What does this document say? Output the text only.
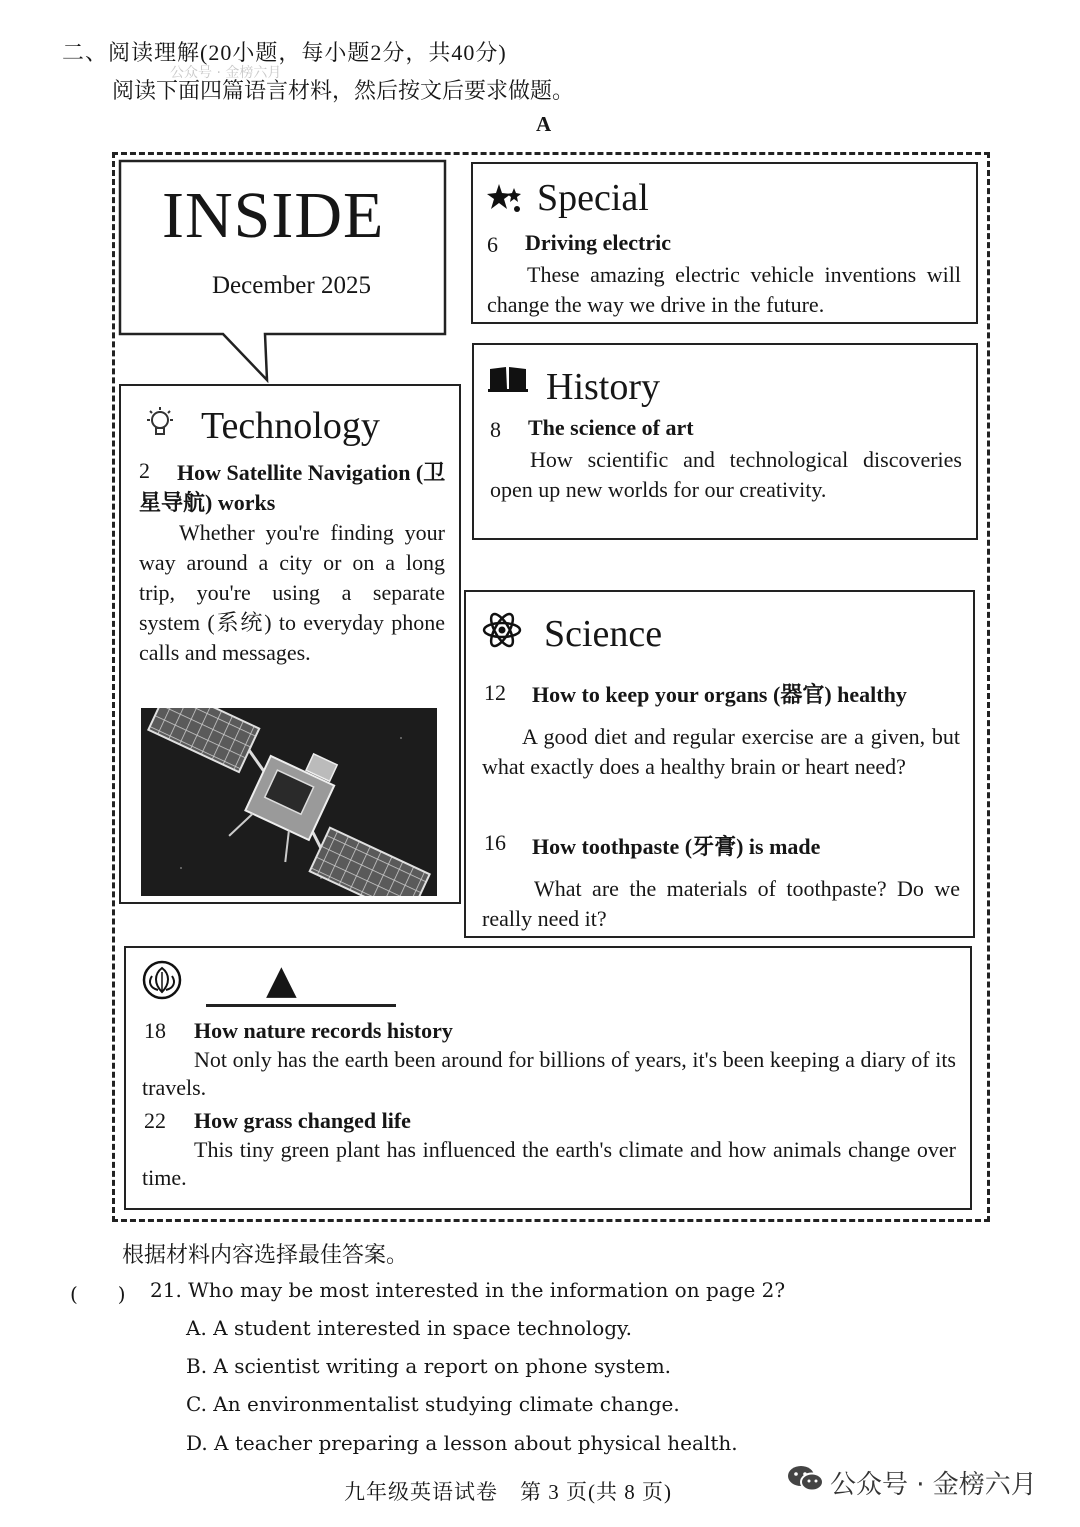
二、阅读理解(20小题，每小题2分，共40分)
公众号 · 金榜六月
阅读下面四篇语言材料，然后按文后要求做题。
A
INSIDE
December 2025
Special
6 Driving electric
These amazing electric vehicle inventions will change the way we drive in the future.
History
8 The science of art
How scientific and technological discoveries open up new worlds for our creativity.
Technology
2	How Satellite Navigation (卫星导航) works
Whether you're finding your way around a city or on a long trip, you're using a separate system (系统) to everyday phone calls and messages.	Science
12 How to keep your organs (器官) healthy
A good diet and regular exercise are a given, but what exactly does a healthy brain or heart need?
16 How toothpaste (牙膏) is made
What are the materials of toothpaste? Do we really need it?
▲
18 How nature records history
Not only has the earth been around for billions of years, it's been keeping a diary of its travels.
22 How grass changed life
This tiny green plant has influenced the earth's climate and how animals change over time.
根据材料内容选择最佳答案。
(　　) 21. Who may be most interested in the information on page 2?
A. A student interested in space technology.
B. A scientist writing a report on phone system.
C. An environmentalist studying climate change.
D. A teacher preparing a lesson about physical health.
九年级英语试卷　第 3 页(共 8 页)	公众号 · 金榜六月
